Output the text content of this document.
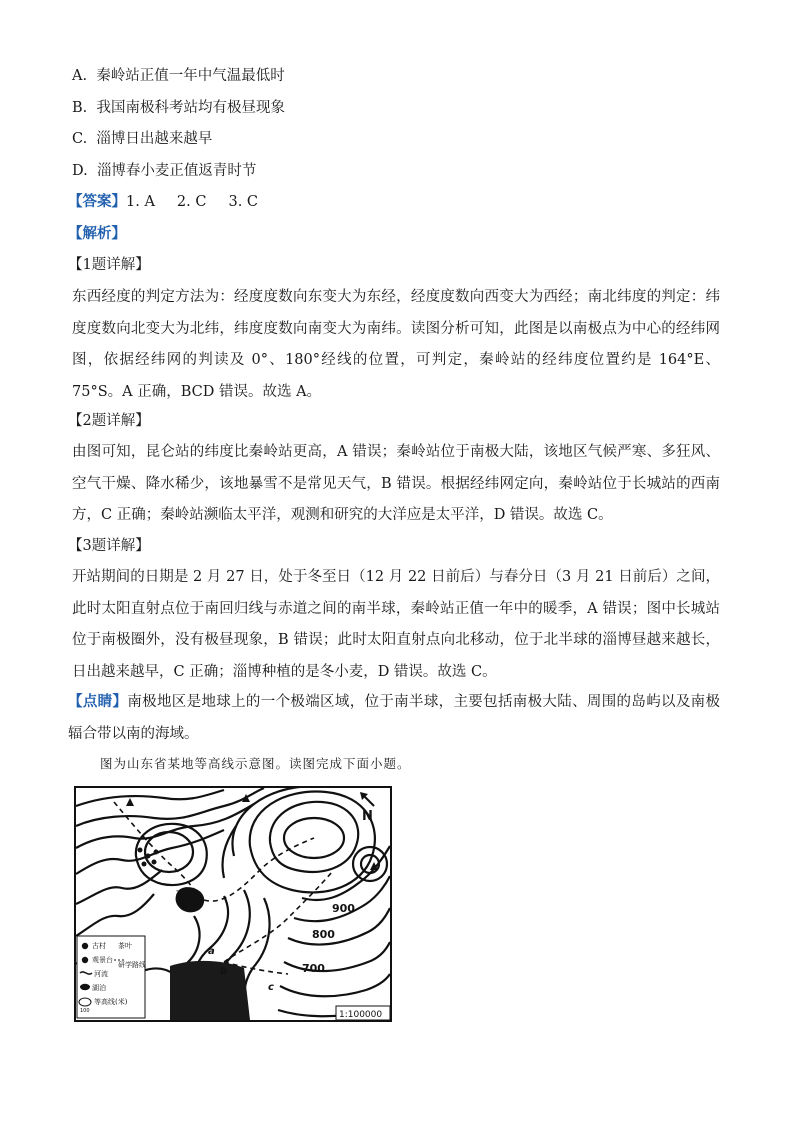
A. 秦岭站正值一年中气温最低时
B. 我国南极科考站均有极昼现象
C. 淄博日出越来越早
D. 淄博春小麦正值返青时节
【答案】1. A 2. C 3. C
【解析】
【1题详解】
东西经度的判定方法为：经度度数向东变大为东经，经度度数向西变大为西经；南北纬度的判定：纬度度数向北变大为北纬，纬度度数向南变大为南纬。读图分析可知，此图是以南极点为中心的经纬网图，依据经纬网的判读及 0°、180°经线的位置，可判定，秦岭站的经纬度位置约是 164°E、75°S。A 正确，BCD 错误。故选 A。
【2题详解】
由图可知，昆仑站的纬度比秦岭站更高，A 错误；秦岭站位于南极大陆，该地区气候严寒、多狂风、空气干燥、降水稀少，该地暴雪不是常见天气，B 错误。根据经纬网定向，秦岭站位于长城站的西南方，C 正确；秦岭站濒临太平洋，观测和研究的大洋应是太平洋，D 错误。故选 C。
【3题详解】
开站期间的日期是 2 月 27 日，处于冬至日（12 月 22 日前后）与春分日（3 月 21 日前后）之间，此时太阳直射点位于南回归线与赤道之间的南半球，秦岭站正值一年中的暖季，A 错误；图中长城站位于南极圈外，没有极昼现象，B 错误；此时太阳直射点向北移动，位于北半球的淄博昼越来越长，日出越来越早，C 正确；淄博种植的是冬小麦，D 错误。故选 C。
【点睛】南极地区是地球上的一个极端区域，位于南半球，主要包括南极大陆、周围的岛屿以及南极辐合带以南的海域。
图为山东省某地等高线示意图。读图完成下面小题。
古村
观景台
河流
湖泊
100
等高线(米)
茶叶
研学路线
900
800
700
李
a
b
c
N
1:100000
